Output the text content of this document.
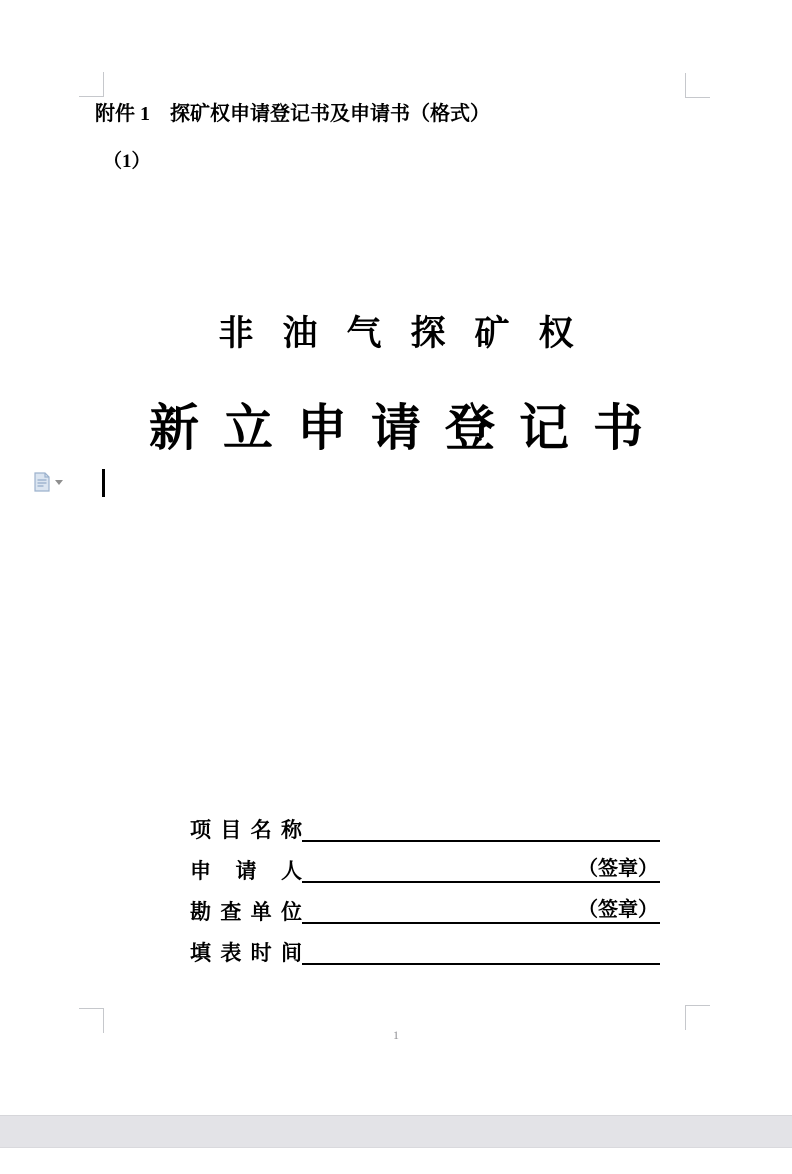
附件 1　探矿权申请登记书及申请书（格式）
（1）
非油气探矿权
新立申请登记书
项目名称
申请人	（签章）
勘查单位	（签章）
填表时间
1
